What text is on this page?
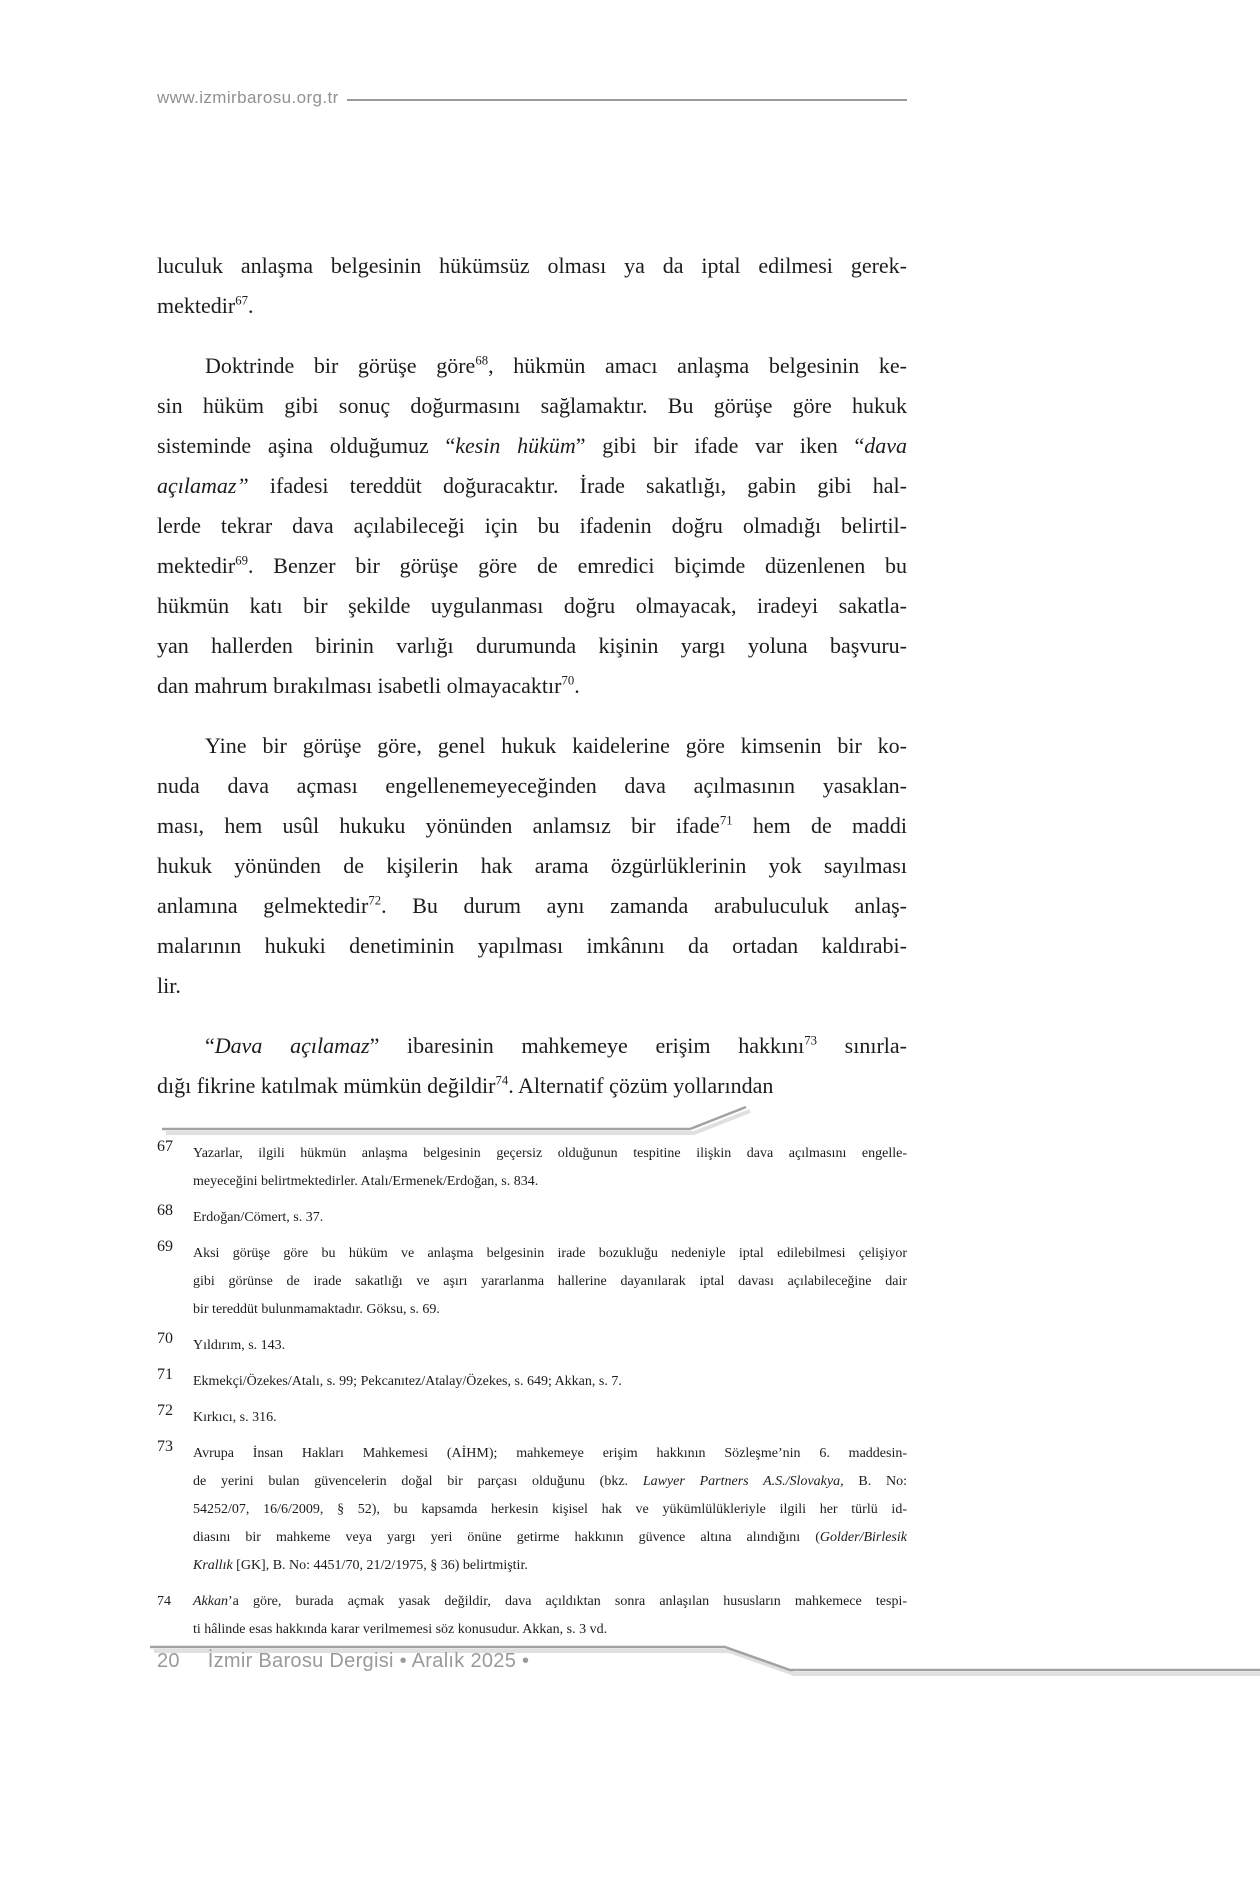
www.izmirbarosu.org.tr
luculuk anlaşma belgesinin hükümsüz olması ya da iptal edilmesi gerek-
mektedir$^{67}$.
Doktrinde bir görüşe göre$^{68}$, hükmün amacı anlaşma belgesinin ke-
sin hüküm gibi sonuç doğurmasını sağlamaktır. Bu görüşe göre hukuk
sisteminde aşina olduğumuz “kesin hüküm” gibi bir ifade var iken “dava
açılamaz” ifadesi tereddüt doğuracaktır. İrade sakatlığı, gabin gibi hal-
lerde tekrar dava açılabileceği için bu ifadenin doğru olmadığı belirtil-
mektedir$^{69}$. Benzer bir görüşe göre de emredici biçimde düzenlenen bu
hükmün katı bir şekilde uygulanması doğru olmayacak, iradeyi sakatla-
yan hallerden birinin varlığı durumunda kişinin yargı yoluna başvuru-
dan mahrum bırakılması isabetli olmayacaktır$^{70}$.
Yine bir görüşe göre, genel hukuk kaidelerine göre kimsenin bir ko-
nuda dava açması engellenemeyeceğinden dava açılmasının yasaklan-
ması, hem usûl hukuku yönünden anlamsız bir ifade$^{71}$ hem de maddi
hukuk yönünden de kişilerin hak arama özgürlüklerinin yok sayılması
anlamına gelmektedir$^{72}$. Bu durum aynı zamanda arabuluculuk anlaş-
malarının hukuki denetiminin yapılması imkânını da ortadan kaldırabi-
lir.
“Dava açılamaz” ibaresinin mahkemeye erişim hakkını$^{73}$ sınırla-
dığı fikrine katılmak mümkün değildir$^{74}$. Alternatif çözüm yollarından
67 Yazarlar, ilgili hükmün anlaşma belgesinin geçersiz olduğunun tespitine ilişkin dava açılmasını engelle-
meyeceğini belirtmektedirler. Atalı/Ermenek/Erdoğan, s. 834.
68 Erdoğan/Cömert, s. 37.
69 Aksi görüşe göre bu hüküm ve anlaşma belgesinin irade bozukluğu nedeniyle iptal edilebilmesi çelişiyor
gibi görünse de irade sakatlığı ve aşırı yararlanma hallerine dayanılarak iptal davası açılabileceğine dair
bir tereddüt bulunmamaktadır. Göksu, s. 69.
70 Yıldırım, s. 143.
71 Ekmekçi/Özekes/Atalı, s. 99; Pekcanıtez/Atalay/Özekes, s. 649; Akkan, s. 7.
72 Kırkıcı, s. 316.
73 Avrupa İnsan Hakları Mahkemesi (AİHM); mahkemeye erişim hakkının Sözleşme’nin 6. maddesin-
de yerini bulan güvencelerin doğal bir parçası olduğunu (bkz. Lawyer Partners A.S./Slovakya, B. No:
54252/07, 16/6/2009, § 52), bu kapsamda herkesin kişisel hak ve yükümlülükleriyle ilgili her türlü id-
diasını bir mahkeme veya yargı yeri önüne getirme hakkının güvence altına alındığını (Golder/Birlesik
Krallık [GK], B. No: 4451/70, 21/2/1975, § 36) belirtmiştir.
74 Akkan’a göre, burada açmak yasak değildir, dava açıldıktan sonra anlaşılan hususların mahkemece tespi-
ti hâlinde esas hakkında karar verilmemesi söz konusudur. Akkan, s. 3 vd.
20 İzmir Barosu Dergisi • Aralık 2025 •
